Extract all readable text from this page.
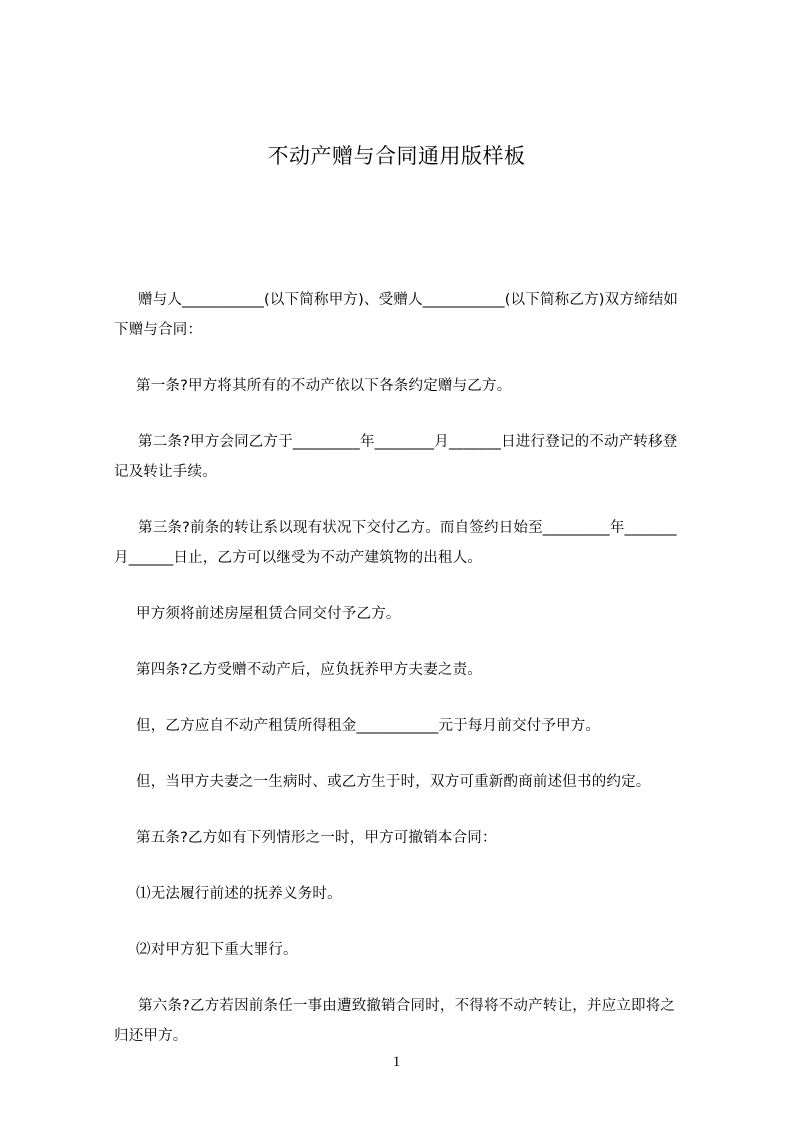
不动产赠与合同通用版样板

赠与人___________(以下简称甲方)、受赠人___________(以下简称乙方)双方缔结如下赠与合同：

第一条?甲方将其所有的不动产依以下各条约定赠与乙方。

第二条?甲方会同乙方于_________年________月_______日进行登记的不动产转移登记及转让手续。

第三条?前条的转让系以现有状况下交付乙方。而自签约日始至_________年_______月______日止，乙方可以继受为不动产建筑物的出租人。

甲方须将前述房屋租赁合同交付予乙方。

第四条?乙方受赠不动产后，应负抚养甲方夫妻之责。

但，乙方应自不动产租赁所得租金___________元于每月前交付予甲方。

但，当甲方夫妻之一生病时、或乙方生于时，双方可重新酌商前述但书的约定。

第五条?乙方如有下列情形之一时，甲方可撤销本合同：

⑴无法履行前述的抚养义务时。

⑵对甲方犯下重大罪行。

第六条?乙方若因前条任一事由遭致撤销合同时，不得将不动产转让，并应立即将之归还甲方。

1
